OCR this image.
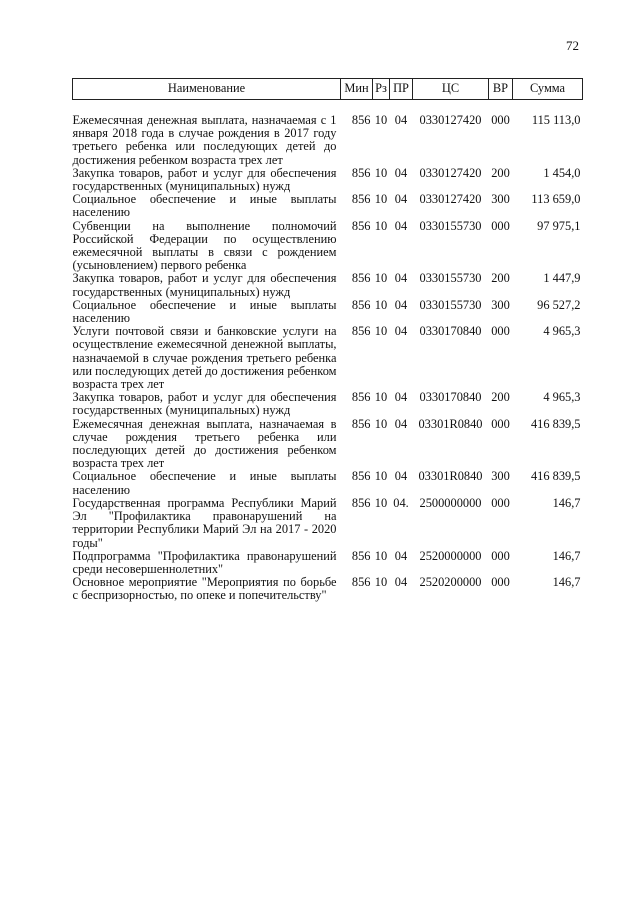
72
Наименование	Мин	Рз	ПР	ЦС	ВР	Сумма
Ежемесячная денежная выплата, назначаемая с 1 января 2018 года в случае рождения в 2017 году третьего ребенка или последующих детей до достижения ребенком возраста трех лет	856	10	04	0330127420	000	115 113,0
Закупка товаров, работ и услуг для обеспечения государственных (муниципальных) нужд	856	10	04	0330127420	200	1 454,0
Социальное обеспечение и иные выплаты населению	856	10	04	0330127420	300	113 659,0
Субвенции на выполнение полномочий Российской Федерации по осуществлению ежемесячной выплаты в связи с рождением (усыновлением) первого ребенка	856	10	04	0330155730	000	97 975,1
Закупка товаров, работ и услуг для обеспечения государственных (муниципальных) нужд	856	10	04	0330155730	200	1 447,9
Социальное обеспечение и иные выплаты населению	856	10	04	0330155730	300	96 527,2
Услуги почтовой связи и банковские услуги на осуществление ежемесячной денежной выплаты, назначаемой в случае рождения третьего ребенка или последующих детей до достижения ребенком возраста трех лет	856	10	04	0330170840	000	4 965,3
Закупка товаров, работ и услуг для обеспечения государственных (муниципальных) нужд	856	10	04	0330170840	200	4 965,3
Ежемесячная денежная выплата, назначаемая в случае рождения третьего ребенка или последующих детей до достижения ребенком возраста трех лет	856	10	04	03301R0840	000	416 839,5
Социальное обеспечение и иные выплаты населению	856	10	04	03301R0840	300	416 839,5
Государственная программа Республики Марий Эл "Профилактика правонарушений на территории Республики Марий Эл на 2017 - 2020 годы"	856	10	04.	2500000000	000	146,7
Подпрограмма "Профилактика правонарушений среди несовершеннолетних"	856	10	04	2520000000	000	146,7
Основное мероприятие "Мероприятия по борьбе с беспризорностью, по опеке и попечительству"	856	10	04	2520200000	000	146,7
